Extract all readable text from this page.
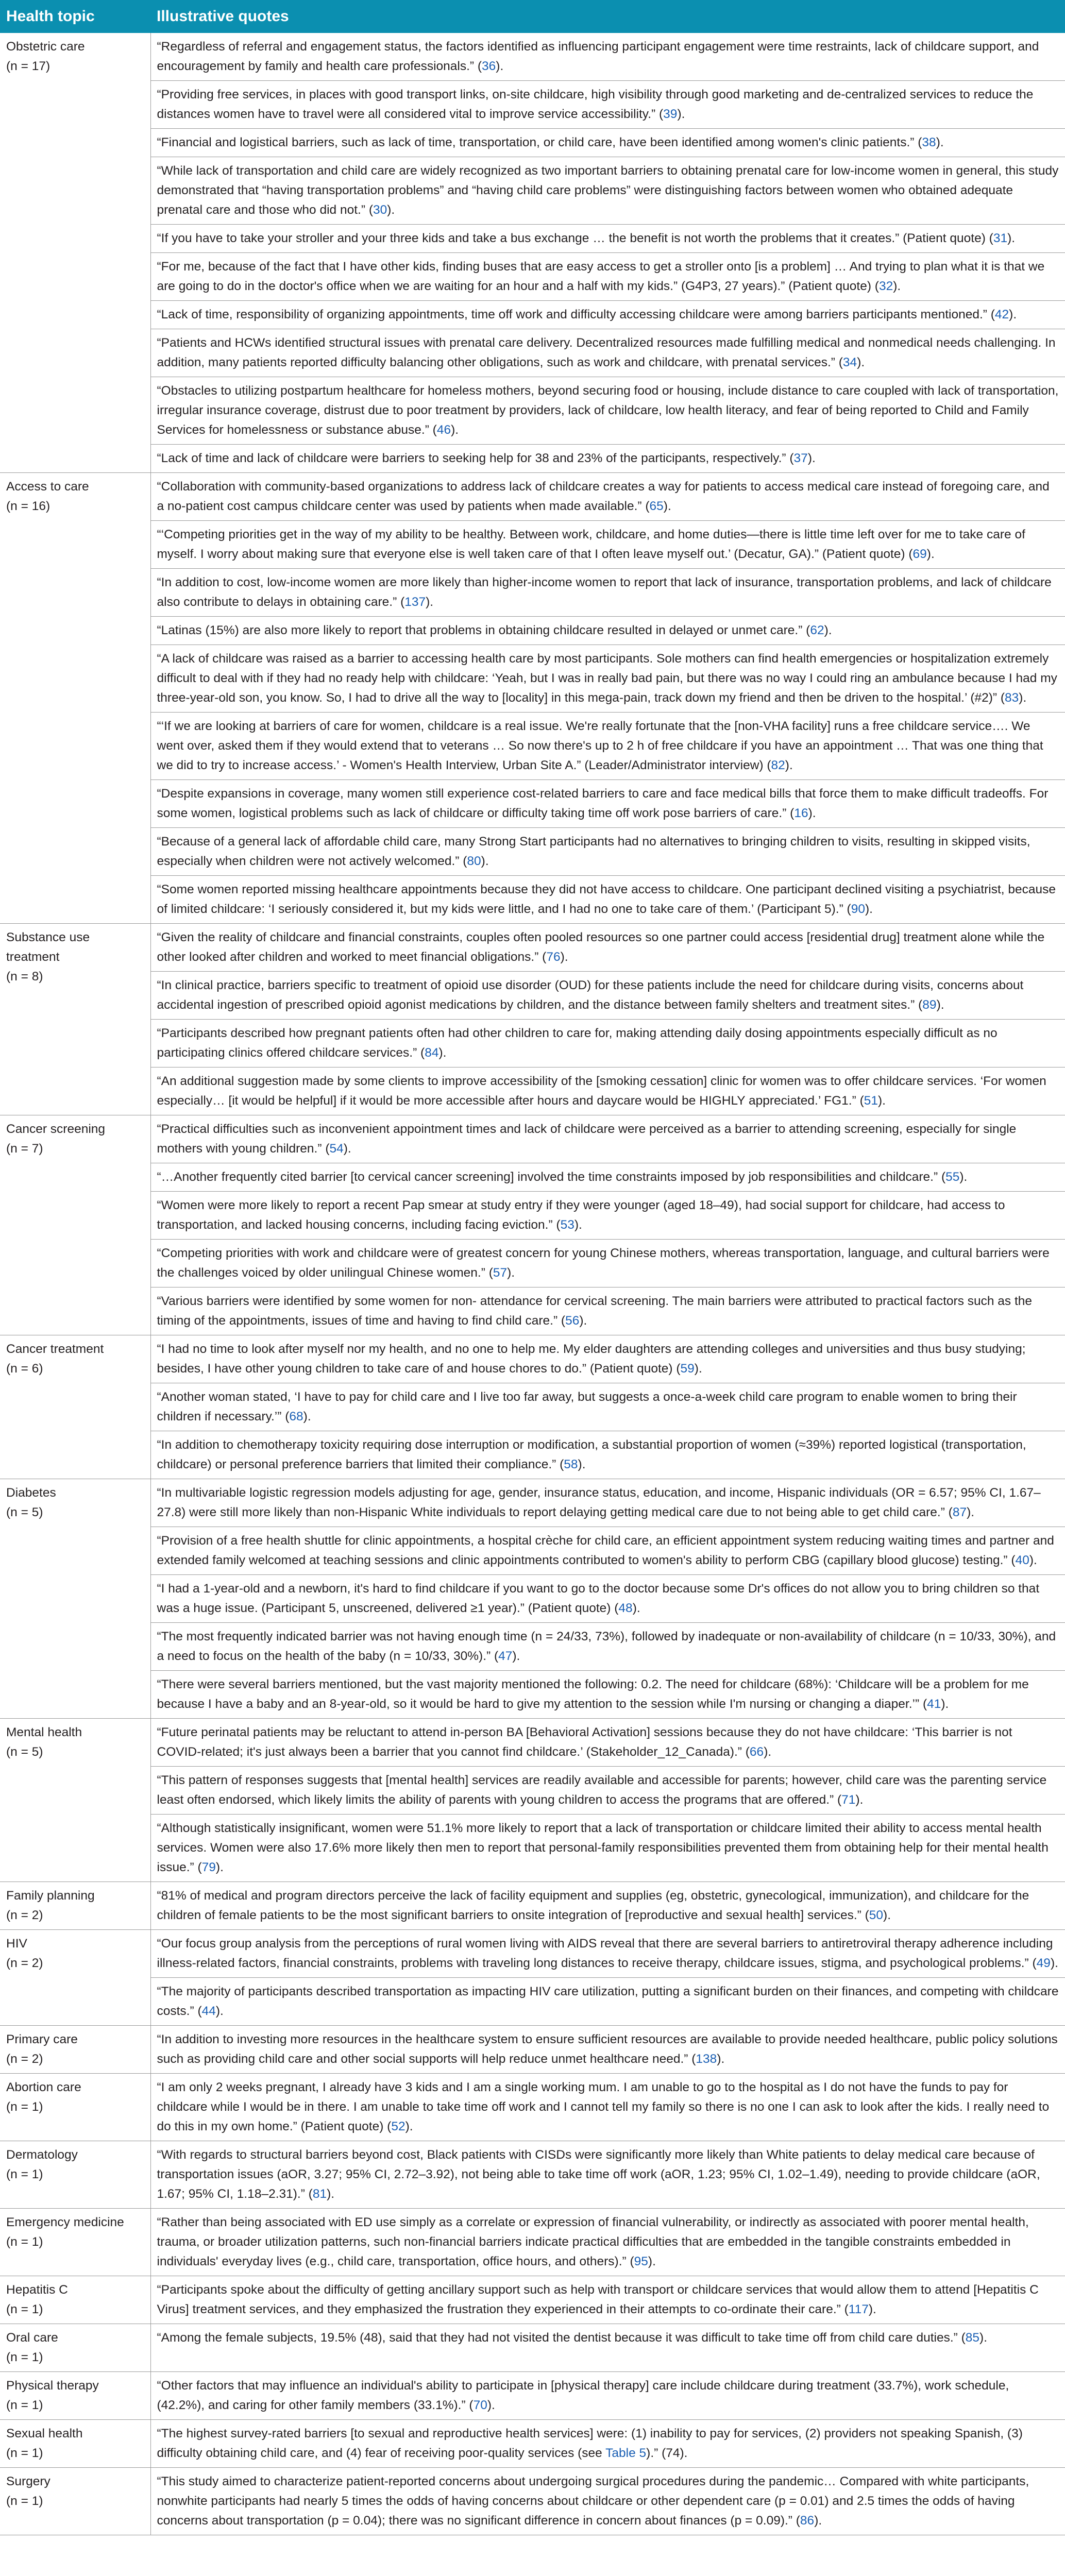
Health topic	Illustrative quotes
Obstetric care
(n = 17)	“Regardless of referral and engagement status, the factors identified as influencing participant engagement were time restraints, lack of childcare support, and encouragement by family and health care professionals.” (36).
	“Providing free services, in places with good transport links, on-site childcare, high visibility through good marketing and de-centralized services to reduce the distances women have to travel were all considered vital to improve service accessibility.” (39).
	“Financial and logistical barriers, such as lack of time, transportation, or child care, have been identified among women's clinic patients.” (38).
	“While lack of transportation and child care are widely recognized as two important barriers to obtaining prenatal care for low-income women in general, this study demonstrated that “having transportation problems” and “having child care problems” were distinguishing factors between women who obtained adequate prenatal care and those who did not.” (30).
	“If you have to take your stroller and your three kids and take a bus exchange … the benefit is not worth the problems that it creates.” (Patient quote) (31).
	“For me, because of the fact that I have other kids, finding buses that are easy access to get a stroller onto [is a problem] … And trying to plan what it is that we are going to do in the doctor's office when we are waiting for an hour and a half with my kids.” (G4P3, 27 years).” (Patient quote) (32).
	“Lack of time, responsibility of organizing appointments, time off work and difficulty accessing childcare were among barriers participants mentioned.” (42).
	“Patients and HCWs identified structural issues with prenatal care delivery. Decentralized resources made fulfilling medical and nonmedical needs challenging. In addition, many patients reported difficulty balancing other obligations, such as work and childcare, with prenatal services.” (34).
	“Obstacles to utilizing postpartum healthcare for homeless mothers, beyond securing food or housing, include distance to care coupled with lack of transportation, irregular insurance coverage, distrust due to poor treatment by providers, lack of childcare, low health literacy, and fear of being reported to Child and Family Services for homelessness or substance abuse.” (46).
	“Lack of time and lack of childcare were barriers to seeking help for 38 and 23% of the participants, respectively.” (37).
Access to care
(n = 16)	“Collaboration with community-based organizations to address lack of childcare creates a way for patients to access medical care instead of foregoing care, and a no-patient cost campus childcare center was used by patients when made available.” (65).
	“‘Competing priorities get in the way of my ability to be healthy. Between work, childcare, and home duties—there is little time left over for me to take care of myself. I worry about making sure that everyone else is well taken care of that I often leave myself out.’ (Decatur, GA).” (Patient quote) (69).
	“In addition to cost, low-income women are more likely than higher-income women to report that lack of insurance, transportation problems, and lack of childcare also contribute to delays in obtaining care.” (137).
	“Latinas (15%) are also more likely to report that problems in obtaining childcare resulted in delayed or unmet care.” (62).
	“A lack of childcare was raised as a barrier to accessing health care by most participants. Sole mothers can find health emergencies or hospitalization extremely difficult to deal with if they had no ready help with childcare: ‘Yeah, but I was in really bad pain, but there was no way I could ring an ambulance because I had my three-year-old son, you know. So, I had to drive all the way to [locality] in this mega-pain, track down my friend and then be driven to the hospital.’ (#2)” (83).
	“‘If we are looking at barriers of care for women, childcare is a real issue. We're really fortunate that the [non-VHA facility] runs a free childcare service…. We went over, asked them if they would extend that to veterans … So now there's up to 2 h of free childcare if you have an appointment … That was one thing that we did to try to increase access.’ - Women's Health Interview, Urban Site A.” (Leader/Administrator interview) (82).
	“Despite expansions in coverage, many women still experience cost-related barriers to care and face medical bills that force them to make difficult tradeoffs. For some women, logistical problems such as lack of childcare or difficulty taking time off work pose barriers of care.” (16).
	“Because of a general lack of affordable child care, many Strong Start participants had no alternatives to bringing children to visits, resulting in skipped visits, especially when children were not actively welcomed.” (80).
	“Some women reported missing healthcare appointments because they did not have access to childcare. One participant declined visiting a psychiatrist, because of limited childcare: ‘I seriously considered it, but my kids were little, and I had no one to take care of them.’ (Participant 5).” (90).
Substance use treatment
(n = 8)	“Given the reality of childcare and financial constraints, couples often pooled resources so one partner could access [residential drug] treatment alone while the other looked after children and worked to meet financial obligations.” (76).
	“In clinical practice, barriers specific to treatment of opioid use disorder (OUD) for these patients include the need for childcare during visits, concerns about accidental ingestion of prescribed opioid agonist medications by children, and the distance between family shelters and treatment sites.” (89).
	“Participants described how pregnant patients often had other children to care for, making attending daily dosing appointments especially difficult as no participating clinics offered childcare services.” (84).
	“An additional suggestion made by some clients to improve accessibility of the [smoking cessation] clinic for women was to offer childcare services. ‘For women especially… [it would be helpful] if it would be more accessible after hours and daycare would be HIGHLY appreciated.’ FG1.” (51).
Cancer screening
(n = 7)	“Practical difficulties such as inconvenient appointment times and lack of childcare were perceived as a barrier to attending screening, especially for single mothers with young children.” (54).
	“…Another frequently cited barrier [to cervical cancer screening] involved the time constraints imposed by job responsibilities and childcare.” (55).
	“Women were more likely to report a recent Pap smear at study entry if they were younger (aged 18–49), had social support for childcare, had access to transportation, and lacked housing concerns, including facing eviction.” (53).
	“Competing priorities with work and childcare were of greatest concern for young Chinese mothers, whereas transportation, language, and cultural barriers were the challenges voiced by older unilingual Chinese women.” (57).
	“Various barriers were identified by some women for non- attendance for cervical screening. The main barriers were attributed to practical factors such as the timing of the appointments, issues of time and having to find child care.” (56).
Cancer treatment
(n = 6)	“I had no time to look after myself nor my health, and no one to help me. My elder daughters are attending colleges and universities and thus busy studying; besides, I have other young children to take care of and house chores to do.” (Patient quote) (59).
	“Another woman stated, ‘I have to pay for child care and I live too far away, but suggests a once-a-week child care program to enable women to bring their children if necessary.’” (68).
	“In addition to chemotherapy toxicity requiring dose interruption or modification, a substantial proportion of women (≈39%) reported logistical (transportation, childcare) or personal preference barriers that limited their compliance.” (58).
Diabetes
(n = 5)	“In multivariable logistic regression models adjusting for age, gender, insurance status, education, and income, Hispanic individuals (OR = 6.57; 95% CI, 1.67–27.8) were still more likely than non-Hispanic White individuals to report delaying getting medical care due to not being able to get child care.” (87).
	“Provision of a free health shuttle for clinic appointments, a hospital crèche for child care, an efficient appointment system reducing waiting times and partner and extended family welcomed at teaching sessions and clinic appointments contributed to women's ability to perform CBG (capillary blood glucose) testing.” (40).
	“I had a 1-year-old and a newborn, it's hard to find childcare if you want to go to the doctor because some Dr's offices do not allow you to bring children so that was a huge issue. (Participant 5, unscreened, delivered ≥1 year).” (Patient quote) (48).
	“The most frequently indicated barrier was not having enough time (n = 24/33, 73%), followed by inadequate or non-availability of childcare (n = 10/33, 30%), and a need to focus on the health of the baby (n = 10/33, 30%).” (47).
	“There were several barriers mentioned, but the vast majority mentioned the following: 0.2. The need for childcare (68%): ‘Childcare will be a problem for me because I have a baby and an 8-year-old, so it would be hard to give my attention to the session while I'm nursing or changing a diaper.’” (41).
Mental health
(n = 5)	“Future perinatal patients may be reluctant to attend in-person BA [Behavioral Activation] sessions because they do not have childcare: ‘This barrier is not COVID-related; it's just always been a barrier that you cannot find childcare.’ (Stakeholder_12_Canada).” (66).
	“This pattern of responses suggests that [mental health] services are readily available and accessible for parents; however, child care was the parenting service least often endorsed, which likely limits the ability of parents with young children to access the programs that are offered.” (71).
	“Although statistically insignificant, women were 51.1% more likely to report that a lack of transportation or childcare limited their ability to access mental health services. Women were also 17.6% more likely then men to report that personal-family responsibilities prevented them from obtaining help for their mental health issue.” (79).
Family planning
(n = 2)	“81% of medical and program directors perceive the lack of facility equipment and supplies (eg, obstetric, gynecological, immunization), and childcare for the children of female patients to be the most significant barriers to onsite integration of [reproductive and sexual health] services.” (50).
HIV
(n = 2)	“Our focus group analysis from the perceptions of rural women living with AIDS reveal that there are several barriers to antiretroviral therapy adherence including illness-related factors, financial constraints, problems with traveling long distances to receive therapy, childcare issues, stigma, and psychological problems.” (49).
	“The majority of participants described transportation as impacting HIV care utilization, putting a significant burden on their finances, and competing with childcare costs.” (44).
Primary care
(n = 2)	“In addition to investing more resources in the healthcare system to ensure sufficient resources are available to provide needed healthcare, public policy solutions such as providing child care and other social supports will help reduce unmet healthcare need.” (138).
Abortion care
(n = 1)	“I am only 2 weeks pregnant, I already have 3 kids and I am a single working mum. I am unable to go to the hospital as I do not have the funds to pay for childcare while I would be in there. I am unable to take time off work and I cannot tell my family so there is no one I can ask to look after the kids. I really need to do this in my own home.” (Patient quote) (52).
Dermatology
(n = 1)	“With regards to structural barriers beyond cost, Black patients with CISDs were significantly more likely than White patients to delay medical care because of transportation issues (aOR, 3.27; 95% CI, 2.72–3.92), not being able to take time off work (aOR, 1.23; 95% CI, 1.02–1.49), needing to provide childcare (aOR, 1.67; 95% CI, 1.18–2.31).” (81).
Emergency medicine
(n = 1)	“Rather than being associated with ED use simply as a correlate or expression of financial vulnerability, or indirectly as associated with poorer mental health, trauma, or broader utilization patterns, such non-financial barriers indicate practical difficulties that are embedded in the tangible constraints embedded in individuals' everyday lives (e.g., child care, transportation, office hours, and others).” (95).
Hepatitis C
(n = 1)	“Participants spoke about the difficulty of getting ancillary support such as help with transport or childcare services that would allow them to attend [Hepatitis C Virus] treatment services, and they emphasized the frustration they experienced in their attempts to co-ordinate their care.” (117).
Oral care
(n = 1)	“Among the female subjects, 19.5% (48), said that they had not visited the dentist because it was difficult to take time off from child care duties.” (85).
Physical therapy
(n = 1)	“Other factors that may influence an individual's ability to participate in [physical therapy] care include childcare during treatment (33.7%), work schedule, (42.2%), and caring for other family members (33.1%).” (70).
Sexual health
(n = 1)	“The highest survey-rated barriers [to sexual and reproductive health services] were: (1) inability to pay for services, (2) providers not speaking Spanish, (3) difficulty obtaining child care, and (4) fear of receiving poor-quality services (see Table 5).” (74).
Surgery
(n = 1)	“This study aimed to characterize patient-reported concerns about undergoing surgical procedures during the pandemic… Compared with white participants, nonwhite participants had nearly 5 times the odds of having concerns about childcare or other dependent care (p = 0.01) and 2.5 times the odds of having concerns about transportation (p = 0.04); there was no significant difference in concern about finances (p = 0.09).” (86).
